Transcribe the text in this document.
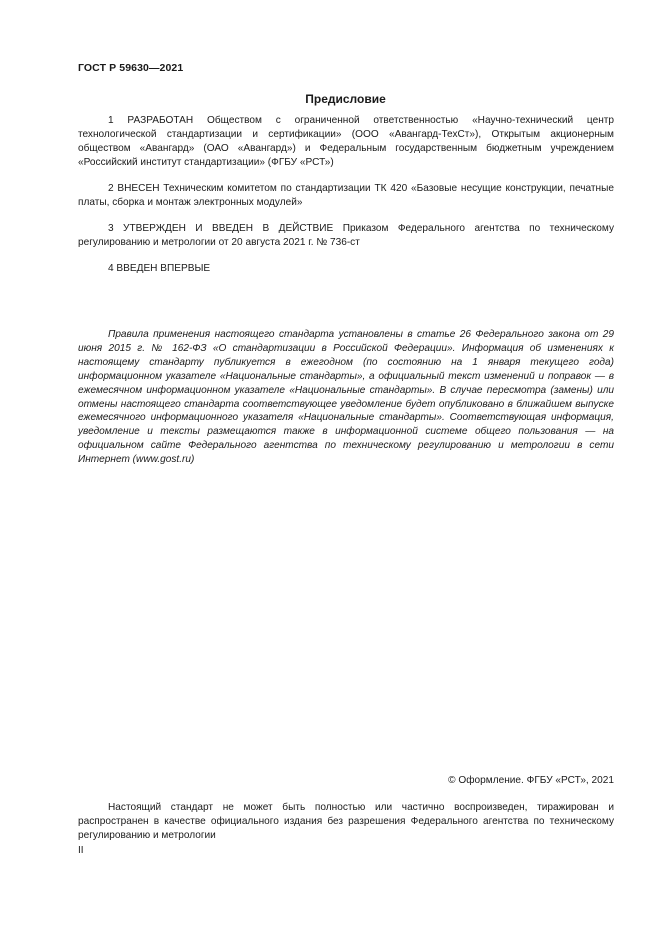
ГОСТ Р 59630—2021
Предисловие

1 РАЗРАБОТАН Обществом с ограниченной ответственностью «Научно-технический центр технологической стандартизации и сертификации» (ООО «Авангард-ТехСт»), Открытым акционерным обществом «Авангард» (ОАО «Авангард») и Федеральным государственным бюджетным учреждением «Российский институт стандартизации» (ФГБУ «РСТ»)

2 ВНЕСЕН Техническим комитетом по стандартизации ТК 420 «Базовые несущие конструкции, печатные платы, сборка и монтаж электронных модулей»

3 УТВЕРЖДЕН И ВВЕДЕН В ДЕЙСТВИЕ Приказом Федерального агентства по техническому регулированию и метрологии от 20 августа 2021 г. № 736-ст

4 ВВЕДЕН ВПЕРВЫЕ

Правила применения настоящего стандарта установлены в статье 26 Федерального закона от 29 июня 2015 г. № 162-ФЗ «О стандартизации в Российской Федерации». Информация об изменениях к настоящему стандарту публикуется в ежегодном (по состоянию на 1 января текущего года) информационном указателе «Национальные стандарты», а официальный текст изменений и поправок — в ежемесячном информационном указателе «Национальные стандарты». В случае пересмотра (замены) или отмены настоящего стандарта соответствующее уведомление будет опубликовано в ближайшем выпуске ежемесячного информационного указателя «Национальные стандарты». Соответствующая информация, уведомление и тексты размещаются также в информационной системе общего пользования — на официальном сайте Федерального агентства по техническому регулированию и метрологии в сети Интернет (www.gost.ru)

© Оформление. ФГБУ «РСТ», 2021

Настоящий стандарт не может быть полностью или частично воспроизведен, тиражирован и распространен в качестве официального издания без разрешения Федерального агентства по техническому регулированию и метрологии

II
